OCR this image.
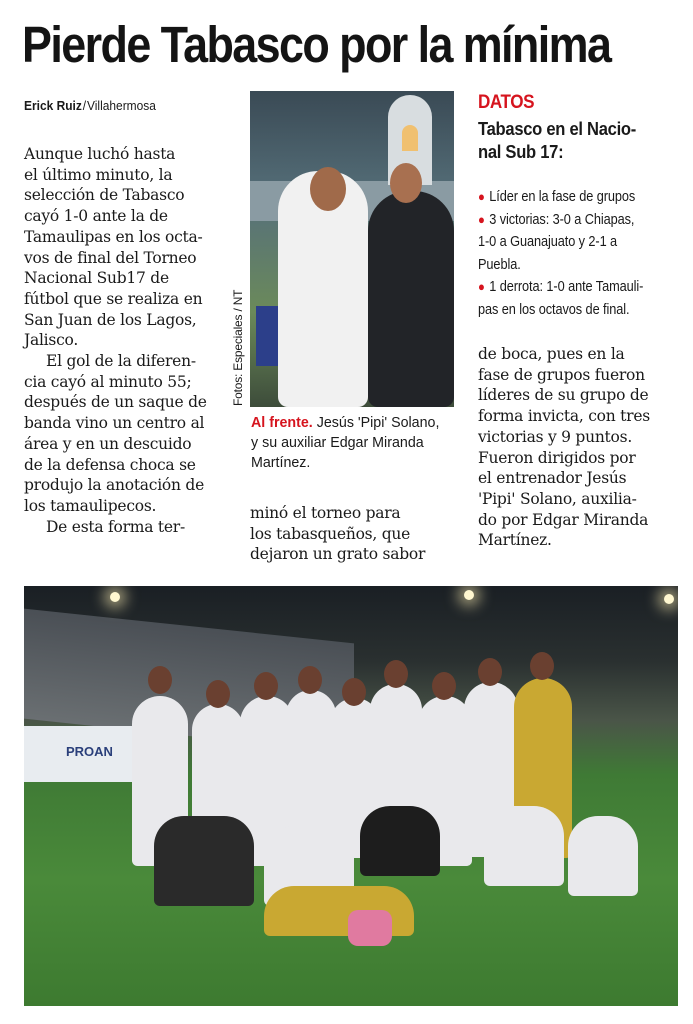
Pierde Tabasco por la mínima
Erick Ruiz/Villahermosa

Aunque luchó hasta
el último minuto, la
selección de Tabasco
cayó 1-0 ante la de
Tamaulipas en los octa-
vos de final del Torneo
Nacional Sub17 de
fútbol que se realiza en
San Juan de los Lagos,
Jalisco.

El gol de la diferen-
cia cayó al minuto 55;
después de un saque de
banda vino un centro al
área y en un descuido
de la defensa choca se
produjo la anotación de
los tamaulipecos.

De esta forma ter-

Fotos: Especiales / NT
Al frente. Jesús 'Pipi' Solano, y su auxiliar Edgar Miranda Martínez.
minó el torneo para
los tabasqueños, que
dejaron un grato sabor
DATOS
Tabasco en el Nacio-
nal Sub 17:
● Líder en la fase de grupos
● 3 victorias: 3-0 a Chiapas,
1-0 a Guanajuato y 2-1 a
Puebla.
● 1 derrota: 1-0 ante Tamauli-
pas en los octavos de final.
de boca, pues en la
fase de grupos fueron
líderes de su grupo de
forma invicta, con tres
victorias y 9 puntos.
Fueron dirigidos por
el entrenador Jesús
'Pipi' Solano, auxilia-
do por Edgar Miranda
Martínez.
PROAN
